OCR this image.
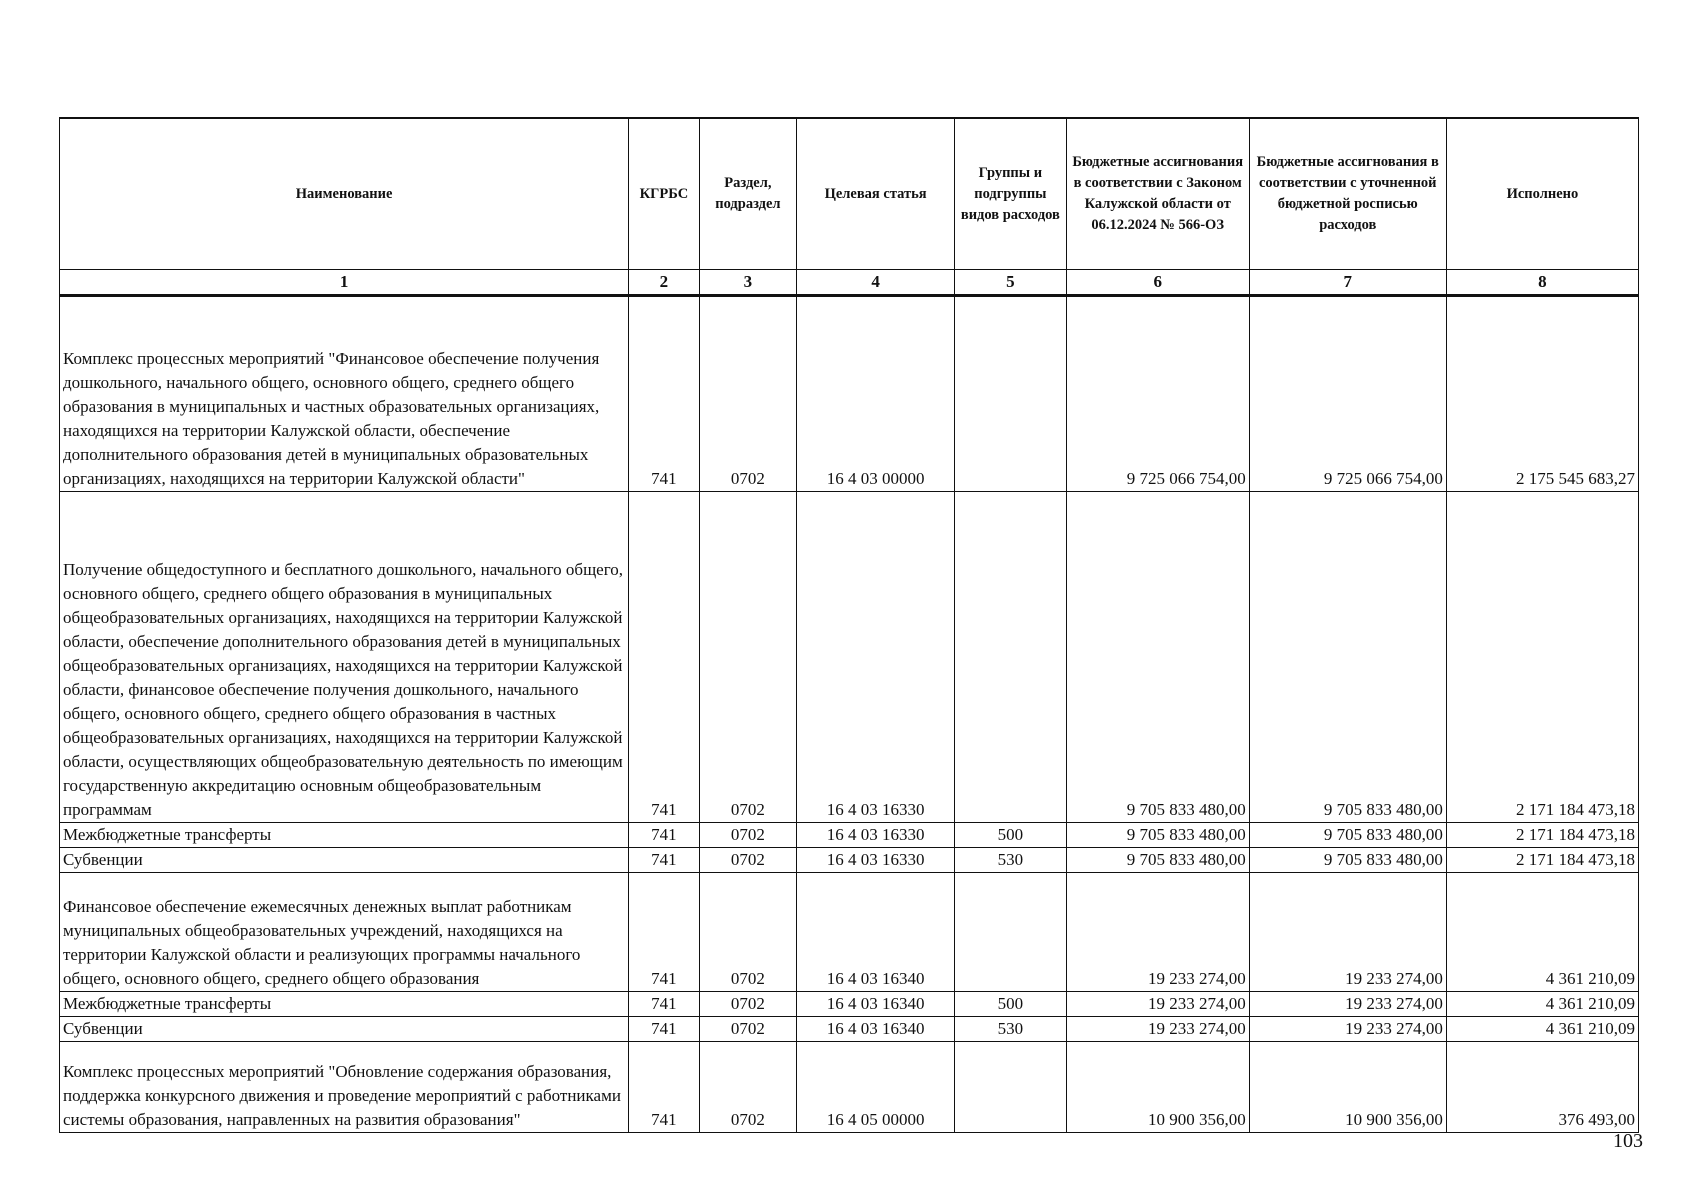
Наименование	КГРБС	Раздел, подраздел	Целевая статья	Группы и подгруппы видов расходов	Бюджетные ассигнования в соответствии с Законом Калужской области от 06.12.2024 № 566-ОЗ	Бюджетные ассигнования в соответствии с уточненной бюджетной росписью расходов	Исполнено
1	2	3	4	5	6	7	8
Комплекс процессных мероприятий "Финансовое обеспечение получения дошкольного, начального общего, основного общего, среднего общего образования в муниципальных и частных образовательных организациях, находящихся на территории Калужской области, обеспечение дополнительного образования детей в муниципальных образовательных организациях, находящихся на территории Калужской области"	741	0702	16 4 03 00000		9 725 066 754,00	9 725 066 754,00	2 175 545 683,27
Получение общедоступного и бесплатного дошкольного, начального общего, основного общего, среднего общего образования в муниципальных общеобразовательных организациях, находящихся на территории Калужской области, обеспечение дополнительного образования детей в муниципальных общеобразовательных организациях, находящихся на территории Калужской области, финансовое обеспечение получения дошкольного, начального общего, основного общего, среднего общего образования в частных общеобразовательных организациях, находящихся на территории Калужской области, осуществляющих общеобразовательную деятельность по имеющим государственную аккредитацию основным общеобразовательным программам	741	0702	16 4 03 16330		9 705 833 480,00	9 705 833 480,00	2 171 184 473,18
Межбюджетные трансферты	741	0702	16 4 03 16330	500	9 705 833 480,00	9 705 833 480,00	2 171 184 473,18
Субвенции	741	0702	16 4 03 16330	530	9 705 833 480,00	9 705 833 480,00	2 171 184 473,18
Финансовое обеспечение ежемесячных денежных выплат работникам муниципальных общеобразовательных учреждений, находящихся на территории Калужской области и реализующих программы начального общего, основного общего, среднего общего образования	741	0702	16 4 03 16340		19 233 274,00	19 233 274,00	4 361 210,09
Межбюджетные трансферты	741	0702	16 4 03 16340	500	19 233 274,00	19 233 274,00	4 361 210,09
Субвенции	741	0702	16 4 03 16340	530	19 233 274,00	19 233 274,00	4 361 210,09
Комплекс процессных мероприятий "Обновление содержания образования, поддержка конкурсного движения и проведение мероприятий с работниками системы образования, направленных на развития образования"	741	0702	16 4 05 00000		10 900 356,00	10 900 356,00	376 493,00
103
